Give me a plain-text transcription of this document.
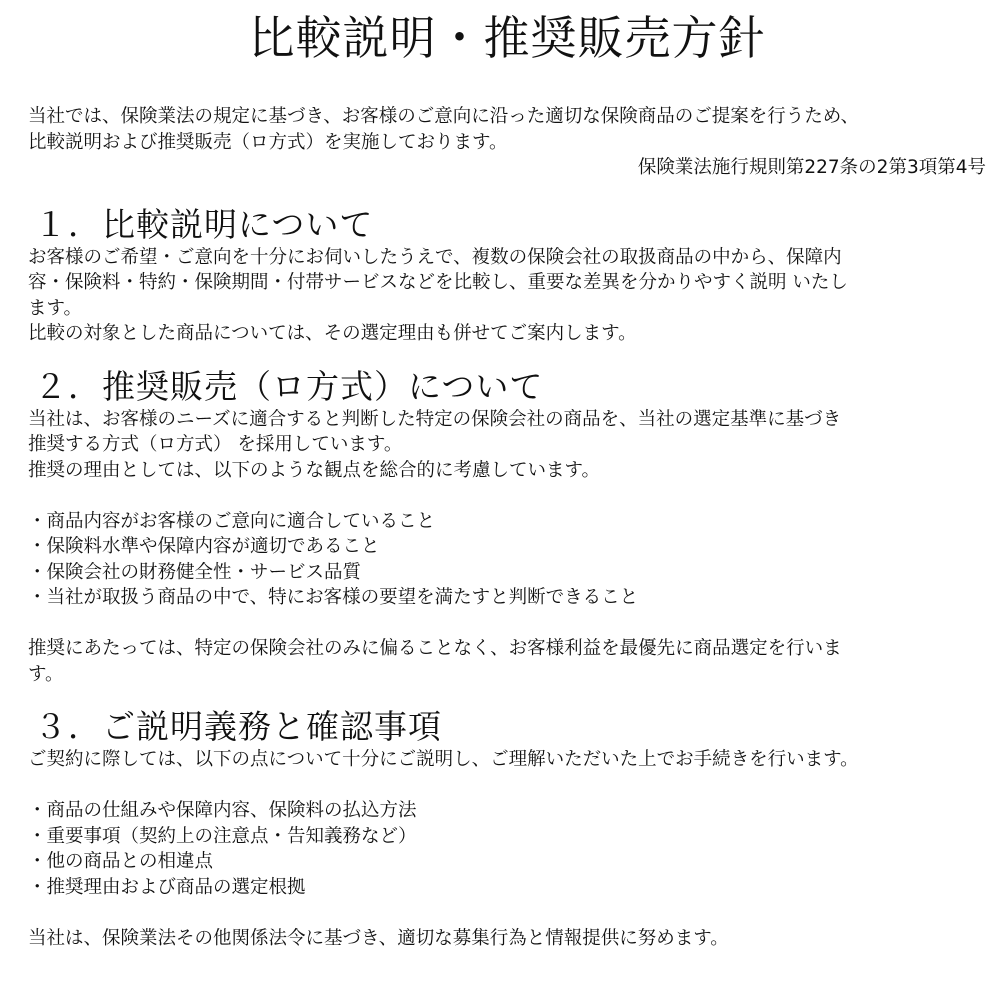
比較説明・推奨販売方針

当社では、保険業法の規定に基づき、お客様のご意向に沿った適切な保険商品のご提案を行うため、

比較説明および推奨販売（ロ方式）を実施しております。

保険業法施行規則第227条の2第3項第4号

１．比較説明について

お客様のご希望・ご意向を十分にお伺いしたうえで、複数の保険会社の取扱商品の中から、保障内

容・保険料・特約・保険期間・付帯サービスなどを比較し、重要な差異を分かりやすく説明 いたし

ます。

比較の対象とした商品については、その選定理由も併せてご案内します。

２．推奨販売（ロ方式）について

当社は、お客様のニーズに適合すると判断した特定の保険会社の商品を、当社の選定基準に基づき

推奨する方式（ロ方式） を採用しています。

推奨の理由としては、以下のような観点を総合的に考慮しています。

・商品内容がお客様のご意向に適合していること
・保険料水準や保障内容が適切であること
・保険会社の財務健全性・サービス品質
・当社が取扱う商品の中で、特にお客様の要望を満たすと判断できること

推奨にあたっては、特定の保険会社のみに偏ることなく、お客様利益を最優先に商品選定を行いま

す。

３．ご説明義務と確認事項

ご契約に際しては、以下の点について十分にご説明し、ご理解いただいた上でお手続きを行います。

・商品の仕組みや保障内容、保険料の払込方法
・重要事項（契約上の注意点・告知義務など）
・他の商品との相違点
・推奨理由および商品の選定根拠

当社は、保険業法その他関係法令に基づき、適切な募集行為と情報提供に努めます。
